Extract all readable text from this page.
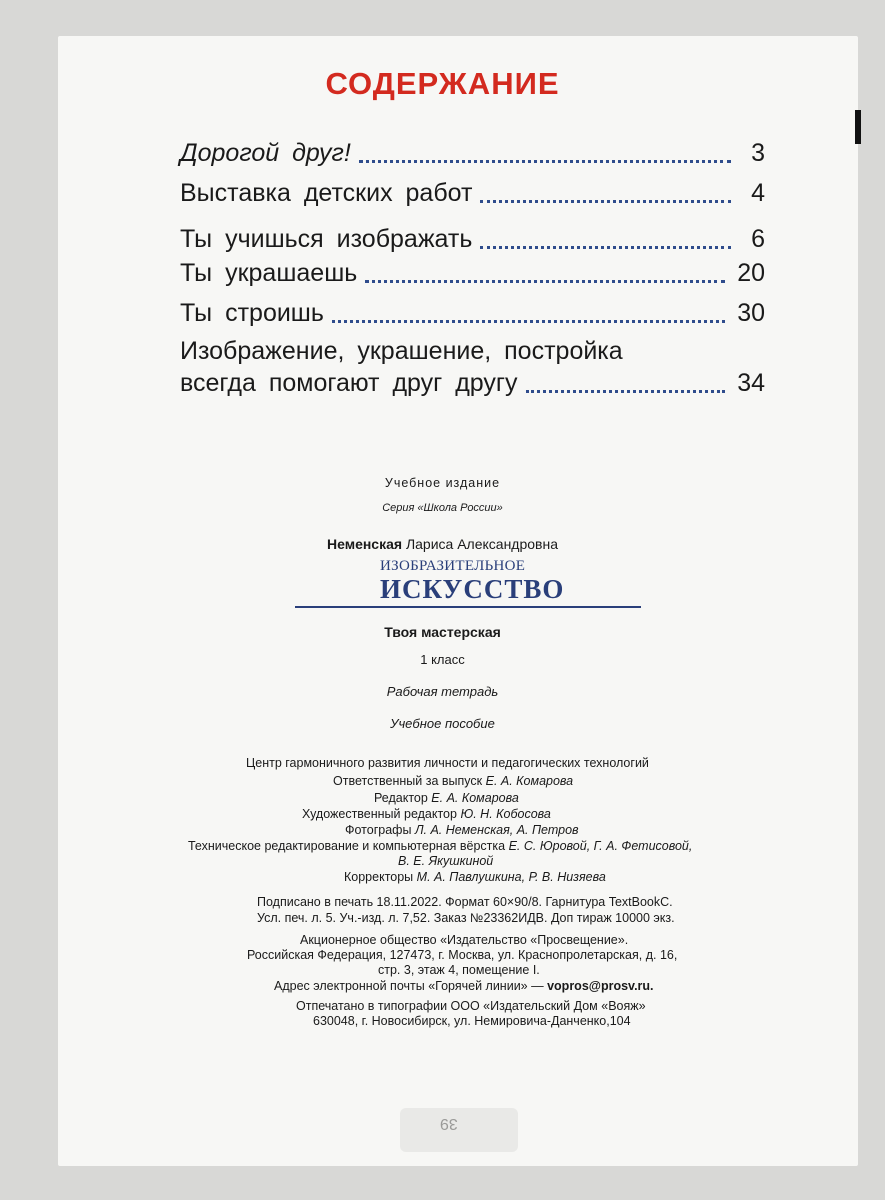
СОДЕРЖАНИЕ
Дорогой друг!	3
Выставка детских работ	4
Ты учишься изображать	6
Ты украшаешь	20
Ты строишь	30
Изображение, украшение, постройка
всегда помогают друг другу	34
Учебное издание
Серия «Школа России»
Неменская Лариса Александровна
ИЗОБРАЗИТЕЛЬНОЕ
ИСКУССТВО
Твоя мастерская
1 класс
Рабочая тетрадь
Учебное пособие
Центр гармоничного развития личности и педагогических технологий
Ответственный за выпуск Е. А. Комарова
Редактор Е. А. Комарова
Художественный редактор Ю. Н. Кобосова
Фотографы Л. А. Неменская, А. Петров
Техническое редактирование и компьютерная вёрстка Е. С. Юровой, Г. А. Фетисовой,
В. Е. Якушкиной
Корректоры М. А. Павлушкина, Р. В. Низяева
Подписано в печать 18.11.2022. Формат 60×90/8. Гарнитура TextBookC.
Усл. печ. л. 5. Уч.-изд. л. 7,52. Заказ №23362ИДВ. Доп тираж 10000 экз.
Акционерное общество «Издательство «Просвещение».
Российская Федерация, 127473, г. Москва, ул. Краснопролетарская, д. 16,
стр. 3, этаж 4, помещение I.
Адрес электронной почты «Горячей линии» — vopros@prosv.ru.
Отпечатано в типографии ООО «Издательский Дом «Вояж»
630048, г. Новосибирск, ул. Немировича-Данченко,104
39
